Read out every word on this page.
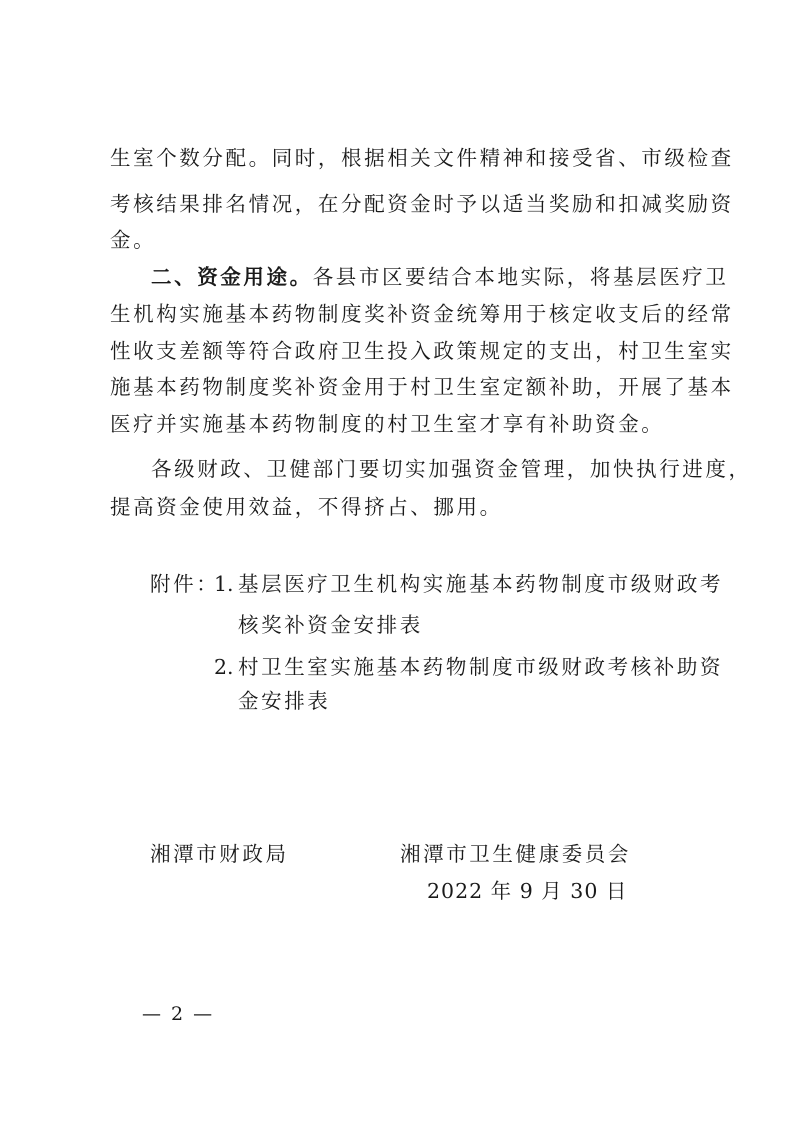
生室个数分配。同时，根据相关文件精神和接受省、市级检查
考核结果排名情况，在分配资金时予以适当奖励和扣减奖励资
金。
二、资金用途。各县市区要结合本地实际，将基层医疗卫
生机构实施基本药物制度奖补资金统筹用于核定收支后的经常
性收支差额等符合政府卫生投入政策规定的支出，村卫生室实
施基本药物制度奖补资金用于村卫生室定额补助，开展了基本
医疗并实施基本药物制度的村卫生室才享有补助资金。
各级财政、卫健部门要切实加强资金管理，加快执行进度，
提高资金使用效益，不得挤占、挪用。
附件：
1. 基层医疗卫生机构实施基本药物制度市级财政考
核奖补资金安排表
2. 村卫生室实施基本药物制度市级财政考核补助资
金安排表
湘潭市财政局	湘潭市卫生健康委员会
2022 年 9 月 30 日
— 2 —
